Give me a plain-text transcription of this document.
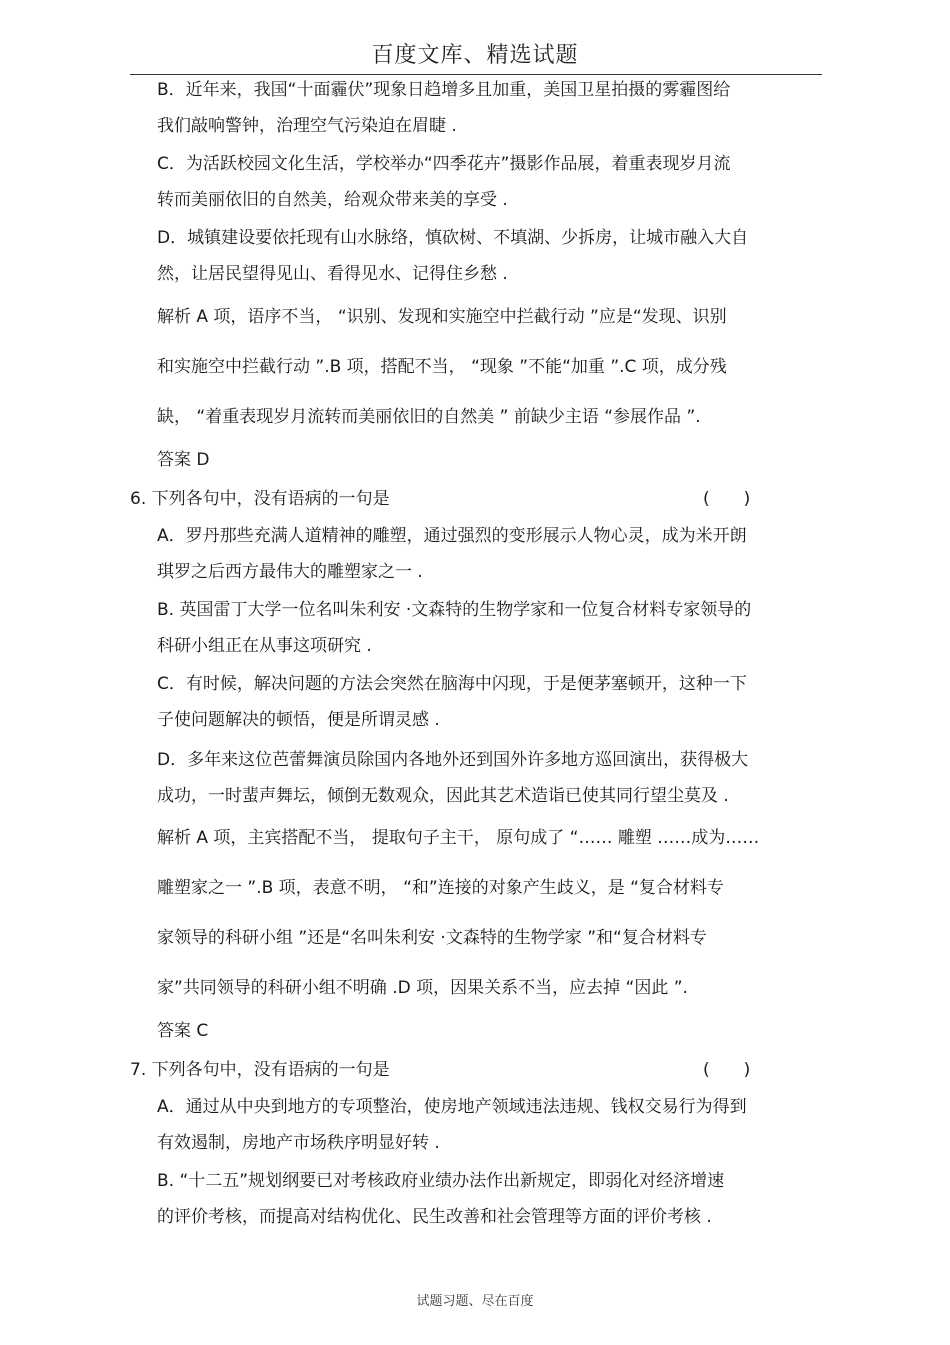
百度文库、精选试题
B．近年来，我国“十面霾伏”现象日趋增多且加重，美国卫星拍摄的雾霾图给
我们敲响警钟，治理空气污染迫在眉睫 .
C．为活跃校园文化生活，学校举办“四季花卉”摄影作品展，着重表现岁月流
转而美丽依旧的自然美，给观众带来美的享受 .
D．城镇建设要依托现有山水脉络，慎砍树、不填湖、少拆房，让城市融入大自
然，让居民望得见山、看得见水、记得住乡愁 .
解析 A 项，语序不当， “识别、发现和实施空中拦截行动 ”应是“发现、识别
和实施空中拦截行动 ”.B 项，搭配不当， “现象 ”不能“加重 ”.C 项，成分残
缺， “着重表现岁月流转而美丽依旧的自然美 ” 前缺少主语 “参展作品 ”.
答案 D
6. 下列各句中，没有语病的一句是	(　　)
A．罗丹那些充满人道精神的雕塑，通过强烈的变形展示人物心灵，成为米开朗
琪罗之后西方最伟大的雕塑家之一 .
B. 英国雷丁大学一位名叫朱利安 ·文森特的生物学家和一位复合材料专家领导的
科研小组正在从事这项研究 .
C．有时候，解决问题的方法会突然在脑海中闪现，于是便茅塞顿开，这种一下
子使问题解决的顿悟，便是所谓灵感 .
D．多年来这位芭蕾舞演员除国内各地外还到国外许多地方巡回演出，获得极大
成功，一时蜚声舞坛，倾倒无数观众，因此其艺术造诣已使其同行望尘莫及 .
解析 A 项，主宾搭配不当， 提取句子主干， 原句成了 “…… 雕塑 ……成为……
雕塑家之一 ”.B 项，表意不明， “和”连接的对象产生歧义，是 “复合材料专
家领导的科研小组 ”还是“名叫朱利安 ·文森特的生物学家 ”和“复合材料专
家”共同领导的科研小组不明确 .D 项，因果关系不当，应去掉 “因此 ”.
答案 C
7. 下列各句中，没有语病的一句是	(　　)
A．通过从中央到地方的专项整治，使房地产领域违法违规、钱权交易行为得到
有效遏制，房地产市场秩序明显好转 .
B. “十二五”规划纲要已对考核政府业绩办法作出新规定，即弱化对经济增速
的评价考核，而提高对结构优化、民生改善和社会管理等方面的评价考核 .
试题习题、尽在百度
